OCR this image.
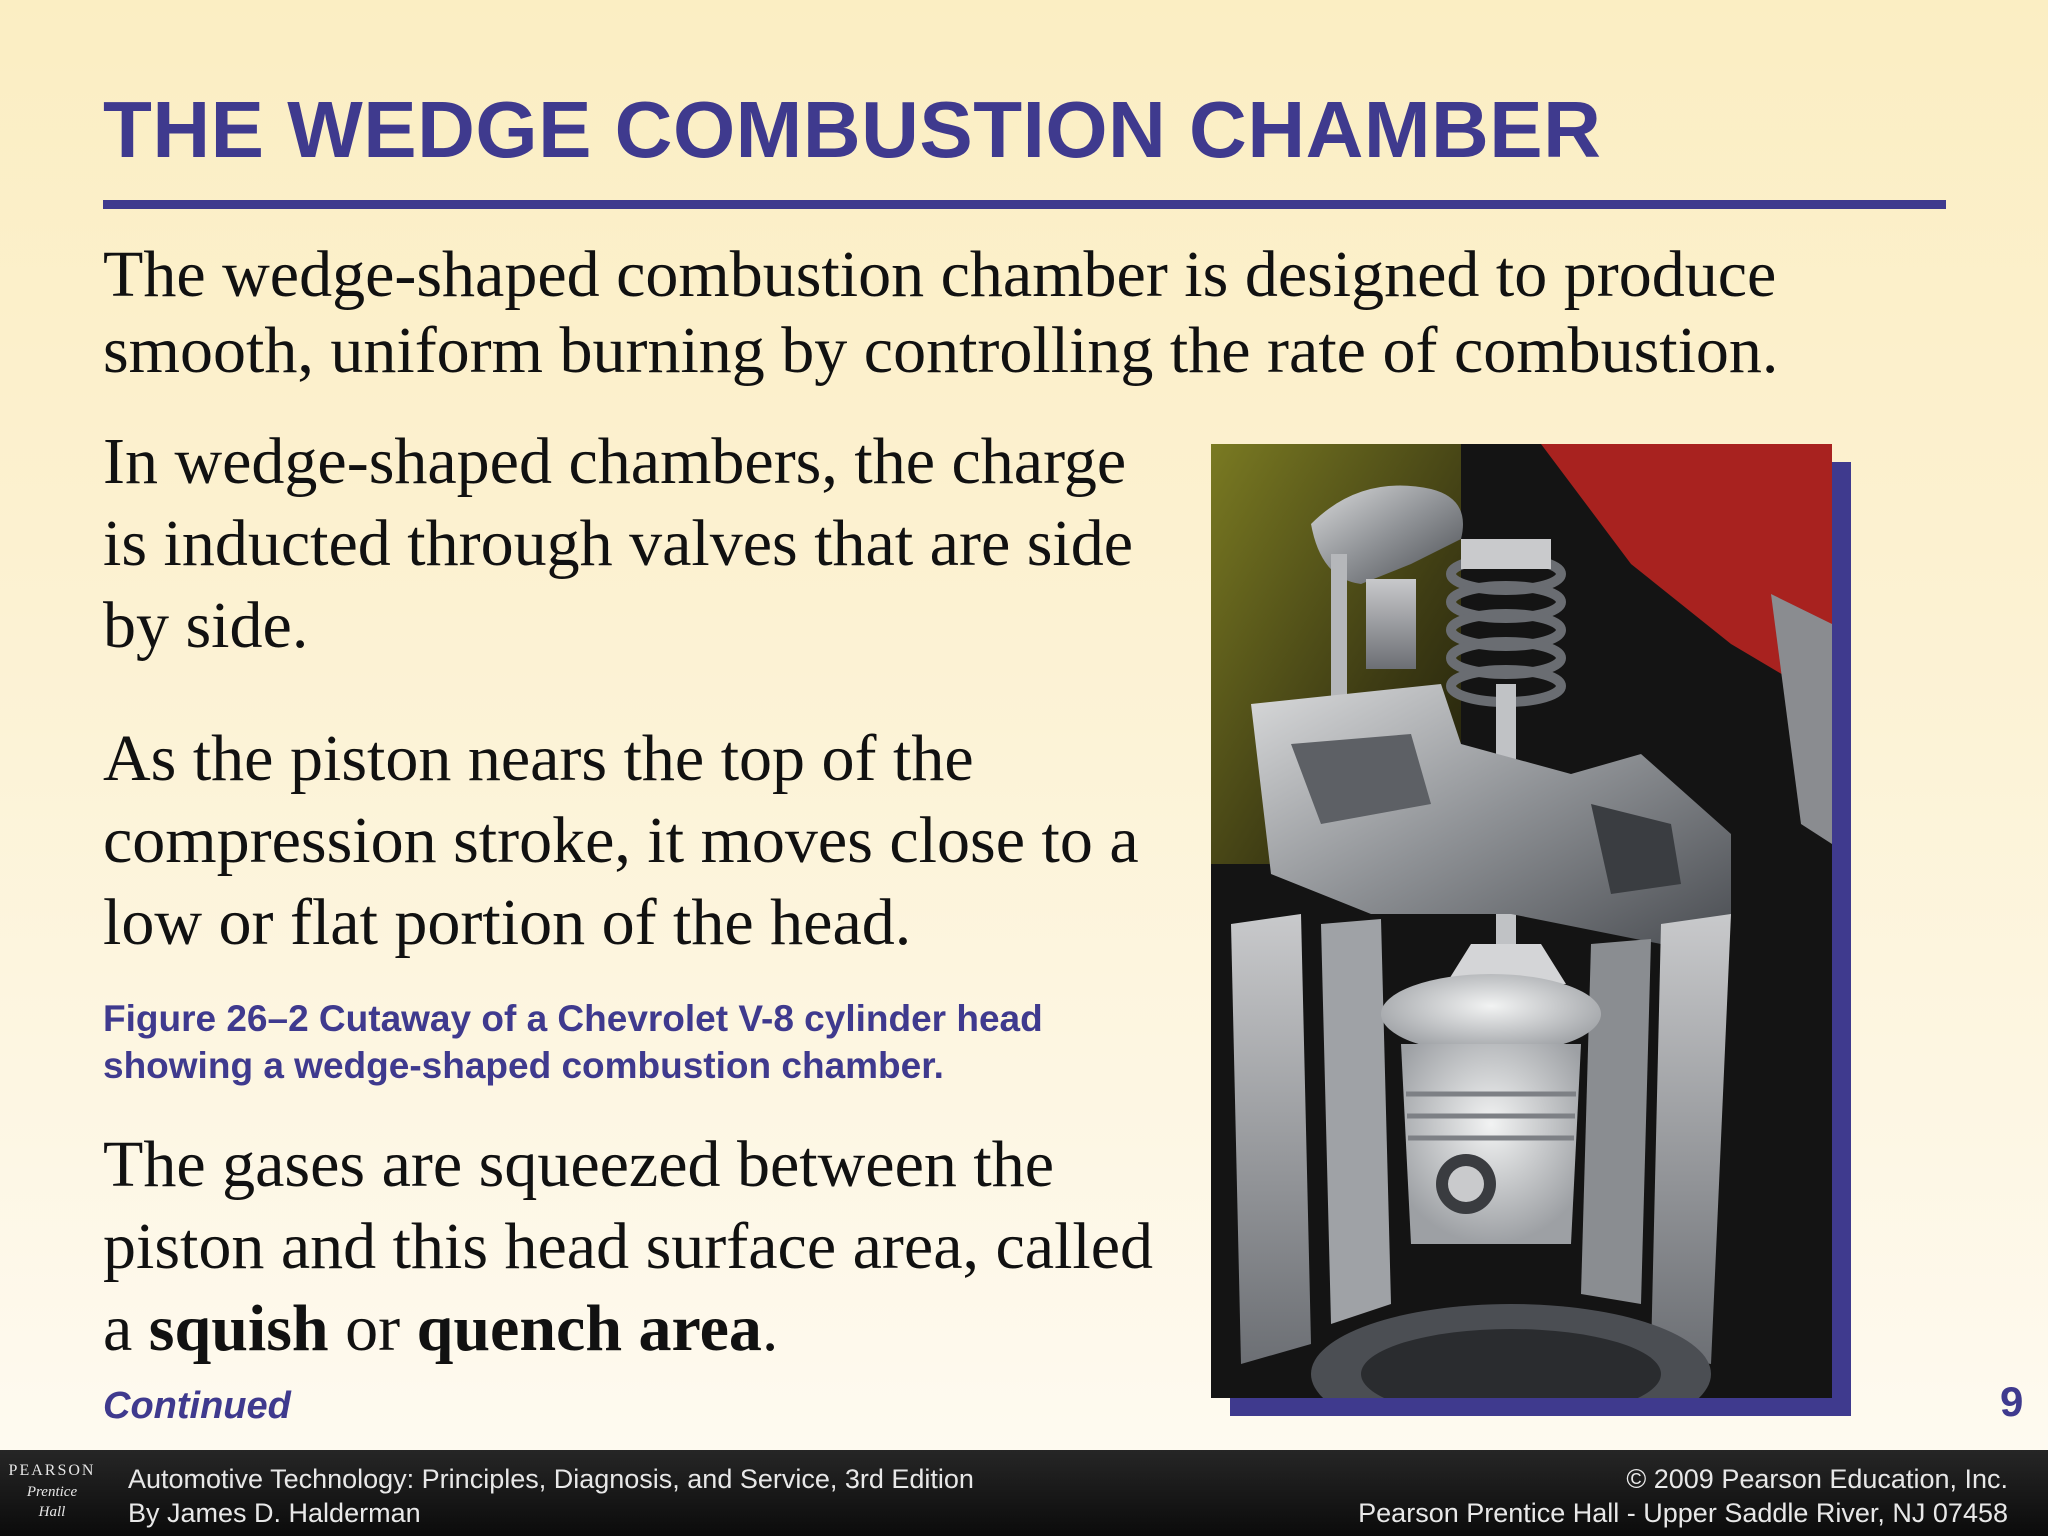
THE WEDGE COMBUSTION CHAMBER

The wedge-shaped combustion chamber is designed to produce smooth, uniform burning by controlling the rate of combustion.

In wedge-shaped chambers, the charge is inducted through valves that are side by side.

As the piston nears the top of the compression stroke, it moves close to a low or flat portion of the head.

Figure 26–2 Cutaway of a Chevrolet V-8 cylinder head showing a wedge-shaped combustion chamber.

The gases are squeezed between the piston and this head surface area, called a squish or quench area.

Continued	9
PEARSON
Prentice
Hall
Automotive Technology: Principles, Diagnosis, and Service, 3rd Edition
By James D. Halderman
© 2009 Pearson Education, Inc.
Pearson Prentice Hall - Upper Saddle River, NJ 07458
